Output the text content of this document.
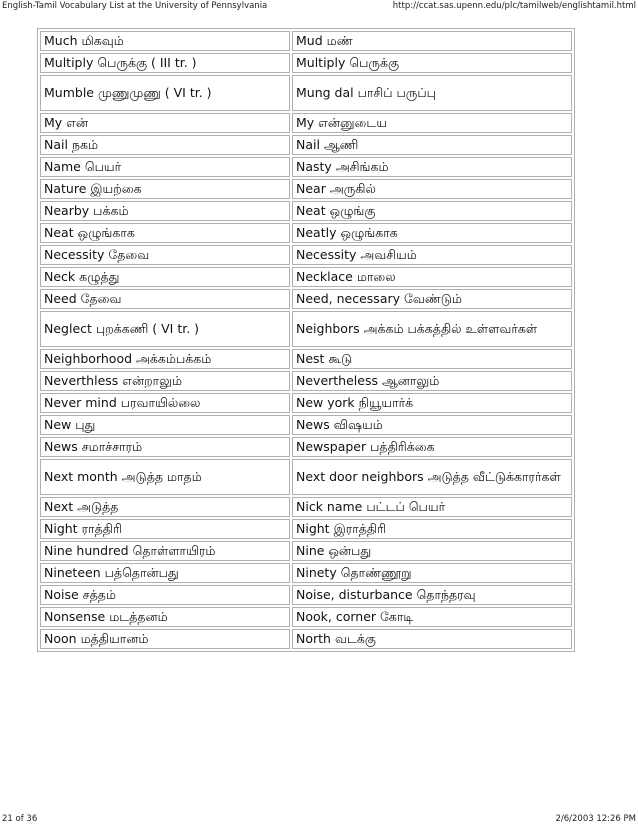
English-Tamil Vocabulary List at the University of Pennsylvania	http://ccat.sas.upenn.edu/plc/tamilweb/englishtamil.html
Much மிகவும்	Mud மண்
Multiply பெருக்கு ( III tr. )	Multiply பெருக்கு
Mumble முணுமுணு ( VI tr. )	Mung dal பாசிப் பருப்பு
My என்	My என்னுடைய
Nail நகம்	Nail ஆணி
Name பெயர்	Nasty அசிங்கம்
Nature இயற்கை	Near அருகில்
Nearby பக்கம்	Neat ஒழுங்கு
Neat ஒழுங்காக	Neatly ஒழுங்காக
Necessity தேவை	Necessity அவசியம்
Neck கழுத்து	Necklace மாலை
Need தேவை	Need, necessary வேண்டும்
Neglect புறக்கணி ( VI tr. )	Neighbors அக்கம் பக்கத்தில் உள்ளவர்கள்
Neighborhood அக்கம்பக்கம்	Nest கூடு
Neverthless என்றாலும்	Nevertheless ஆனாலும்
Never mind பரவாயில்லை	New york நியூயார்க்
New புது	News விஷயம்
News சமாச்சாரம்	Newspaper பத்திரிக்கை
Next month அடுத்த மாதம்	Next door neighbors அடுத்த வீட்டுக்காரர்கள்
Next அடுத்த	Nick name பட்டப் பெயர்
Night ராத்திரி	Night இராத்திரி
Nine hundred தொள்ளாயிரம்	Nine ஒன்பது
Nineteen பத்தொன்பது	Ninety தொண்ணூறு
Noise சத்தம்	Noise, disturbance தொந்தரவு
Nonsense மடத்தனம்	Nook, corner கோடி
Noon மத்தியானம்	North வடக்கு
21 of 36	2/6/2003 12:26 PM
